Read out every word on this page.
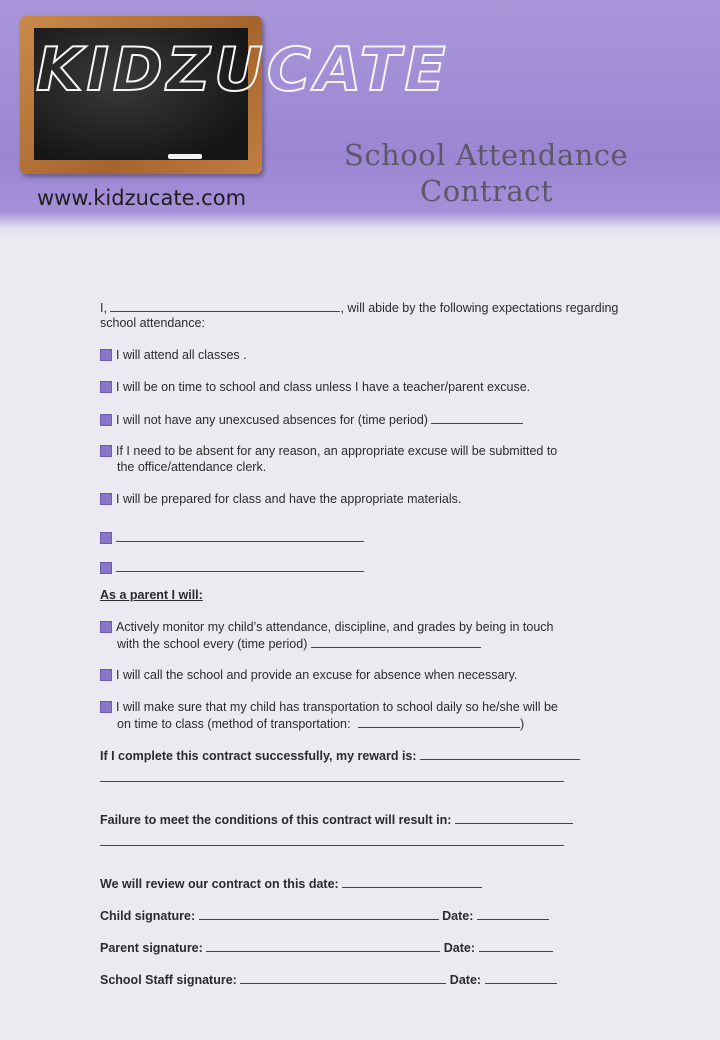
KIDZUCATE
www.kidzucate.com
School Attendance
Contract
I,	, will abide by the following expectations regarding
school attendance:
I will attend all classes .
I will be on time to school and class unless I have a teacher/parent excuse.
I will not have any unexcused absences for (time period)
If I need to be absent for any reason, an appropriate excuse will be submitted to
the office/attendance clerk.
I will be prepared for class and have the appropriate materials.
As a parent I will:
Actively monitor my child’s attendance, discipline, and grades by being in touch
with the school every (time period)
I will call the school and provide an excuse for absence when necessary.
I will make sure that my child has transportation to school daily so he/she will be
on time to class (method of transportation:	)
If I complete this contract successfully, my reward is:
Failure to meet the conditions of this contract will result in:
We will review our contract on this date:
Child signature:	Date:
Parent signature:	Date:
School Staff signature:	Date:
